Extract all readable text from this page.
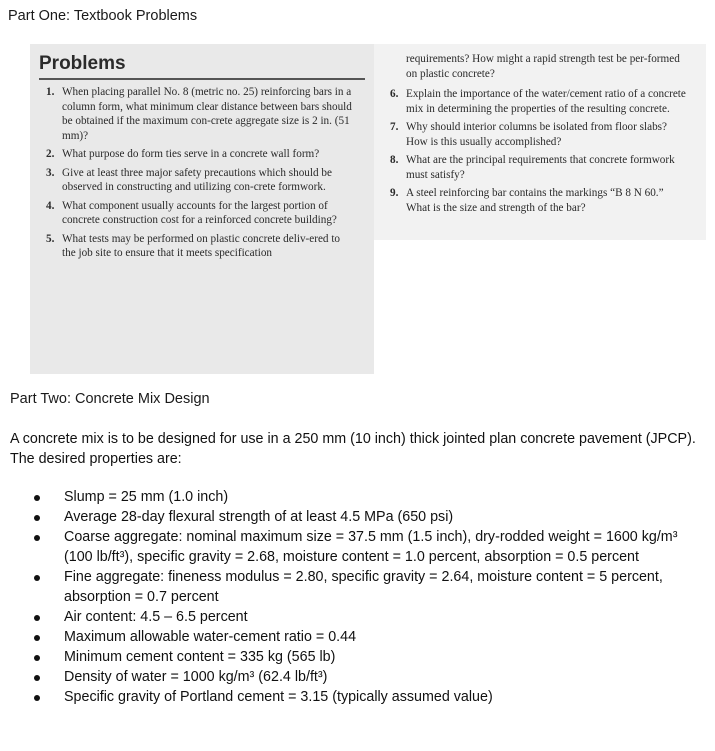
Part One: Textbook Problems
Problems
1. When placing parallel No. 8 (metric no. 25) reinforcing bars in a column form, what minimum clear distance between bars should be obtained if the maximum con-crete aggregate size is 2 in. (51 mm)?
2. What purpose do form ties serve in a concrete wall form?
3. Give at least three major safety precautions which should be observed in constructing and utilizing con-crete formwork.
4. What component usually accounts for the largest portion of concrete construction cost for a reinforced concrete building?
5. What tests may be performed on plastic concrete deliv-ered to the job site to ensure that it meets specification
requirements? How might a rapid strength test be per-formed on plastic concrete?
6. Explain the importance of the water/cement ratio of a concrete mix in determining the properties of the resulting concrete.
7. Why should interior columns be isolated from floor slabs? How is this usually accomplished?
8. What are the principal requirements that concrete formwork must satisfy?
9. A steel reinforcing bar contains the markings “B 8 N 60.” What is the size and strength of the bar?
Part Two: Concrete Mix Design
A concrete mix is to be designed for use in a 250 mm (10 inch) thick jointed plan concrete pavement (JPCP). The desired properties are:
Slump = 25 mm (1.0 inch)
Average 28-day flexural strength of at least 4.5 MPa (650 psi)
Coarse aggregate: nominal maximum size = 37.5 mm (1.5 inch), dry-rodded weight = 1600 kg/m³ (100 lb/ft³), specific gravity = 2.68, moisture content = 1.0 percent, absorption = 0.5 percent
Fine aggregate: fineness modulus = 2.80, specific gravity = 2.64, moisture content = 5 percent, absorption = 0.7 percent
Air content: 4.5 – 6.5 percent
Maximum allowable water-cement ratio = 0.44
Minimum cement content = 335 kg (565 lb)
Density of water = 1000 kg/m³ (62.4 lb/ft³)
Specific gravity of Portland cement = 3.15 (typically assumed value)
